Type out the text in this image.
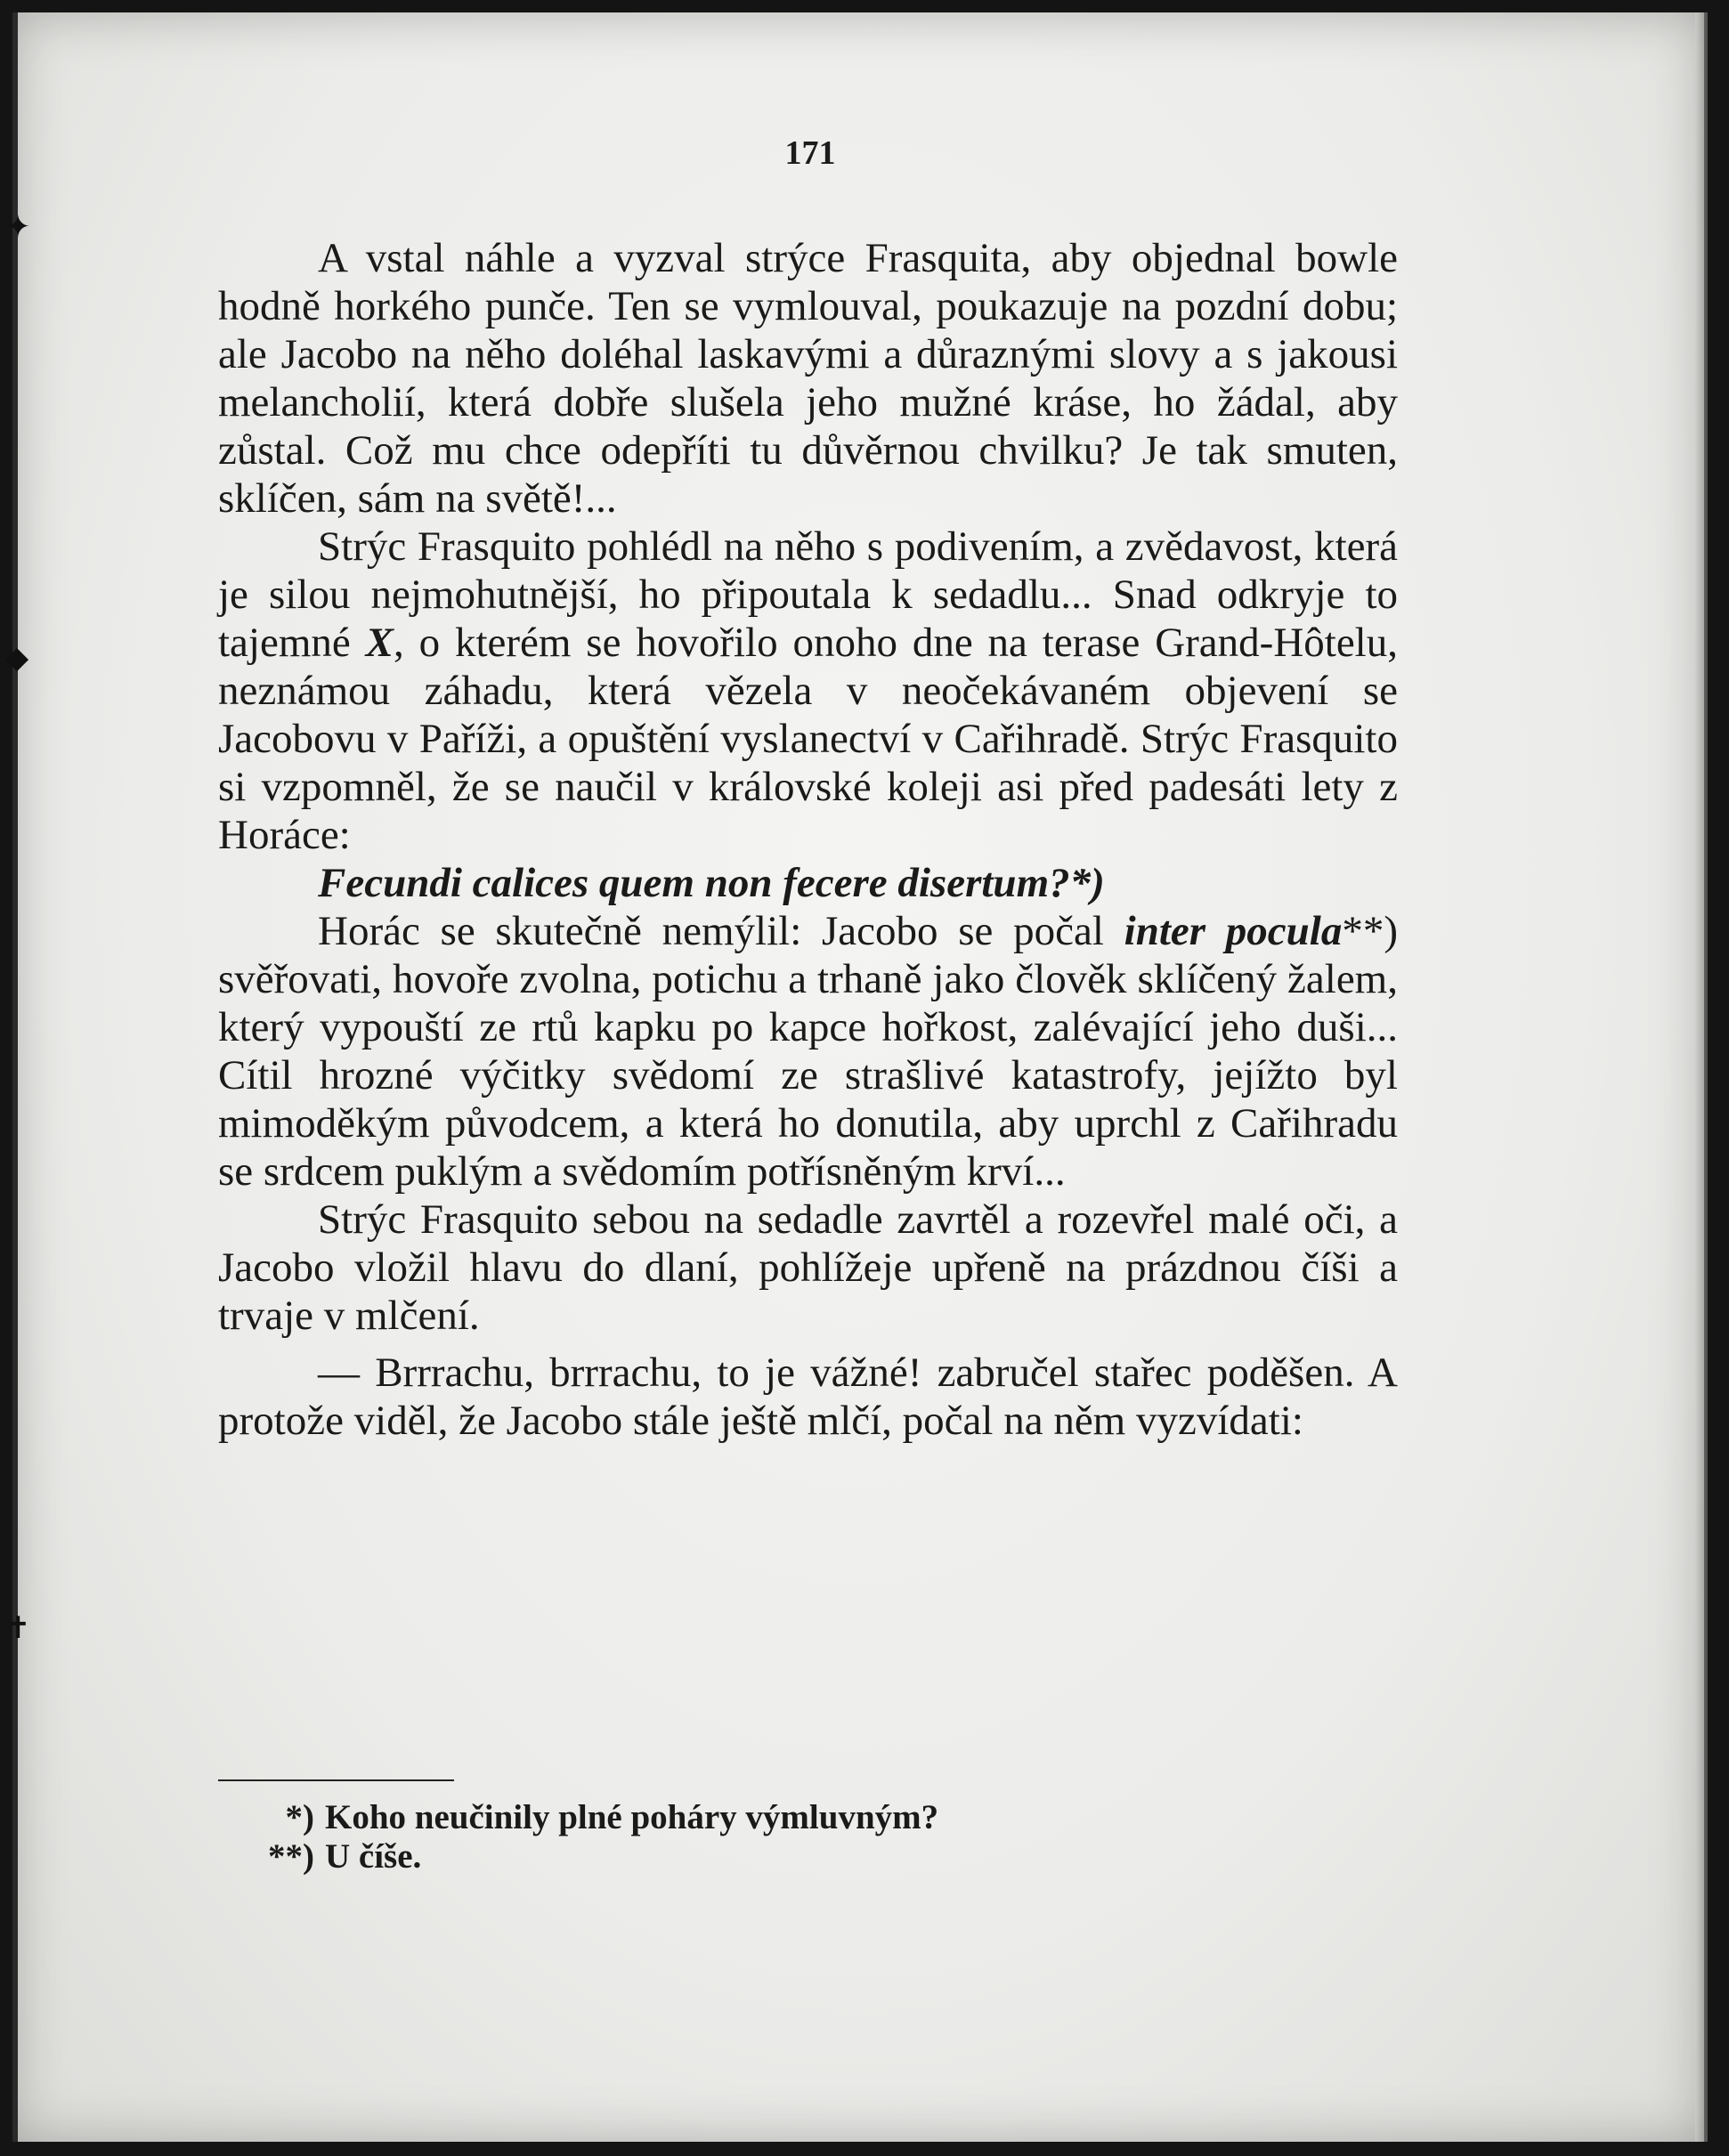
✦
◆
✝
171

A vstal náhle a vyzval strýce Frasquita, aby objednal bowle hodně horkého punče. Ten se vymlouval, poukazuje na pozdní dobu; ale Jacobo na něho doléhal laskavými a důraznými slovy a s jakousi melancholií, která dobře slušela jeho mužné kráse, ho žádal, aby zůstal. Což mu chce odepříti tu důvěrnou chvilku? Je tak smuten, sklíčen, sám na světě!...

Strýc Frasquito pohlédl na něho s podivením, a zvědavost, která je silou nejmohutnější, ho připoutala k sedadlu... Snad odkryje to tajemné X, o kterém se hovořilo onoho dne na terase Grand-Hôtelu, neznámou záhadu, která vězela v neočekávaném objevení se Jacobovu v Paříži, a opuštění vyslanectví v Cařihradě. Strýc Frasquito si vzpomněl, že se naučil v královské koleji asi před padesáti lety z Horáce:

Fecundi calices quem non fecere disertum?*)

Horác se skutečně nemýlil: Jacobo se počal inter pocula**) svěřovati, hovoře zvolna, potichu a trhaně jako člověk sklíčený žalem, který vypouští ze rtů kapku po kapce hořkost, zalévající jeho duši... Cítil hrozné výčitky svědomí ze strašlivé katastrofy, jejížto byl mimoděkým původcem, a která ho donutila, aby uprchl z Cařihradu se srdcem puklým a svědomím potřísněným krví...

Strýc Frasquito sebou na sedadle zavrtěl a rozevřel malé oči, a Jacobo vložil hlavu do dlaní, pohlížeje upřeně na prázdnou číši a trvaje v mlčení.

— Brrrachu, brrrachu, to je vážné! zabručel stařec poděšen. A protože viděl, že Jacobo stále ještě mlčí, počal na něm vyzvídati:

*) Koho neučinily plné poháry výmluvným?
**) U číše.
